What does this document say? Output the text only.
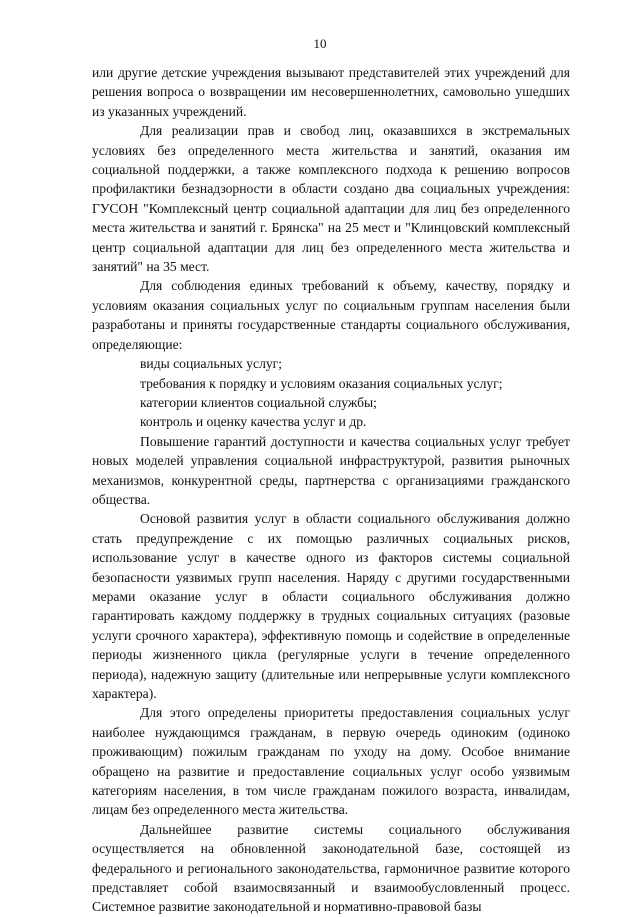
10

или другие детские учреждения вызывают представителей этих учреждений для решения вопроса о возвращении им несовершеннолетних, самовольно ушедших из указанных учреждений.

Для реализации прав и свобод лиц, оказавшихся в экстремальных условиях без определенного места жительства и занятий, оказания им социальной поддержки, а также комплексного подхода к решению вопросов профилактики безнадзорности в области создано два социальных учреждения: ГУСОН "Комплексный центр социальной адаптации для лиц без определенного места жительства и занятий г. Брянска" на 25 мест и "Клинцовский комплексный центр социальной адаптации для лиц без определенного места жительства и занятий" на 35 мест.

Для соблюдения единых требований к объему, качеству, порядку и условиям оказания социальных услуг по социальным группам населения были разработаны и приняты государственные стандарты социального обслуживания, определяющие:

виды социальных услуг;

требования к порядку и условиям оказания социальных услуг;

категории клиентов социальной службы;

контроль и оценку качества услуг и др.

Повышение гарантий доступности и качества социальных услуг требует новых моделей управления социальной инфраструктурой, развития рыночных механизмов, конкурентной среды, партнерства с организациями гражданского общества.

Основой развития услуг в области социального обслуживания должно стать предупреждение с их помощью различных социальных рисков, использование услуг в качестве одного из факторов системы социальной безопасности уязвимых групп населения. Наряду с другими государственными мерами оказание услуг в области социального обслуживания должно гарантировать каждому поддержку в трудных социальных ситуациях (разовые услуги срочного характера), эффективную помощь и содействие в определенные периоды жизненного цикла (регулярные услуги в течение определенного периода), надежную защиту (длительные или непрерывные услуги комплексного характера).

Для этого определены приоритеты предоставления социальных услуг наиболее нуждающимся гражданам, в первую очередь одиноким (одиноко проживающим) пожилым гражданам по уходу на дому. Особое внимание обращено на развитие и предоставление социальных услуг особо уязвимым категориям населения, в том числе гражданам пожилого возраста, инвалидам, лицам без определенного места жительства.

Дальнейшее развитие системы социального обслуживания осуществляется на обновленной законодательной базе, состоящей из федерального и регионального законодательства, гармоничное развитие которого представляет собой взаимосвязанный и взаимообусловленный процесс. Системное развитие законодательной и нормативно-правовой базы
